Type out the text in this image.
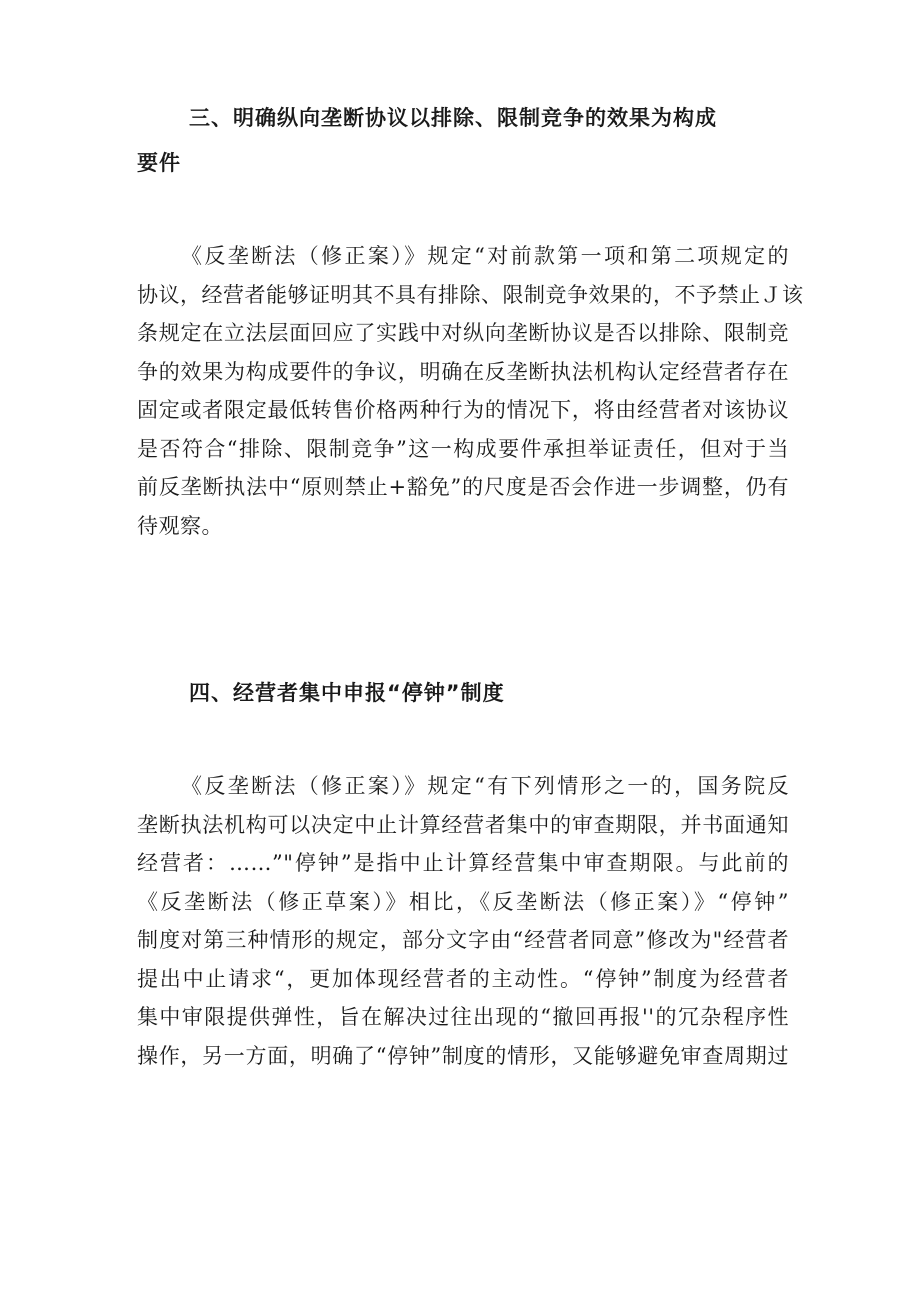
三、明确纵向垄断协议以排除、限制竞争的效果为构成
要件
《反垄断法（修正案）》规定“对前款第一项和第二项规定的
协议，经营者能够证明其不具有排除、限制竞争效果的，不予禁止Ｊ该
条规定在立法层面回应了实践中对纵向垄断协议是否以排除、限制竞
争的效果为构成要件的争议，明确在反垄断执法机构认定经营者存在
固定或者限定最低转售价格两种行为的情况下，将由经营者对该协议
是否符合“排除、限制竞争”这一构成要件承担举证责任，但对于当
前反垄断执法中“原则禁止+豁免”的尺度是否会作进一步调整，仍有
待观察。
四、经营者集中申报“停钟”制度
《反垄断法（修正案）》规定“有下列情形之一的，国务院反
垄断执法机构可以决定中止计算经营者集中的审查期限，并书面通知
经营者：……”"停钟”是指中止计算经营集中审查期限。与此前的
《反垄断法（修正草案）》相比，《反垄断法（修正案）》“停钟”
制度对第三种情形的规定，部分文字由“经营者同意”修改为"经营者
提出中止请求“，更加体现经营者的主动性。“停钟”制度为经营者
集中审限提供弹性，旨在解决过往出现的“撤回再报''的冗杂程序性
操作，另一方面，明确了“停钟”制度的情形，又能够避免审查周期过
